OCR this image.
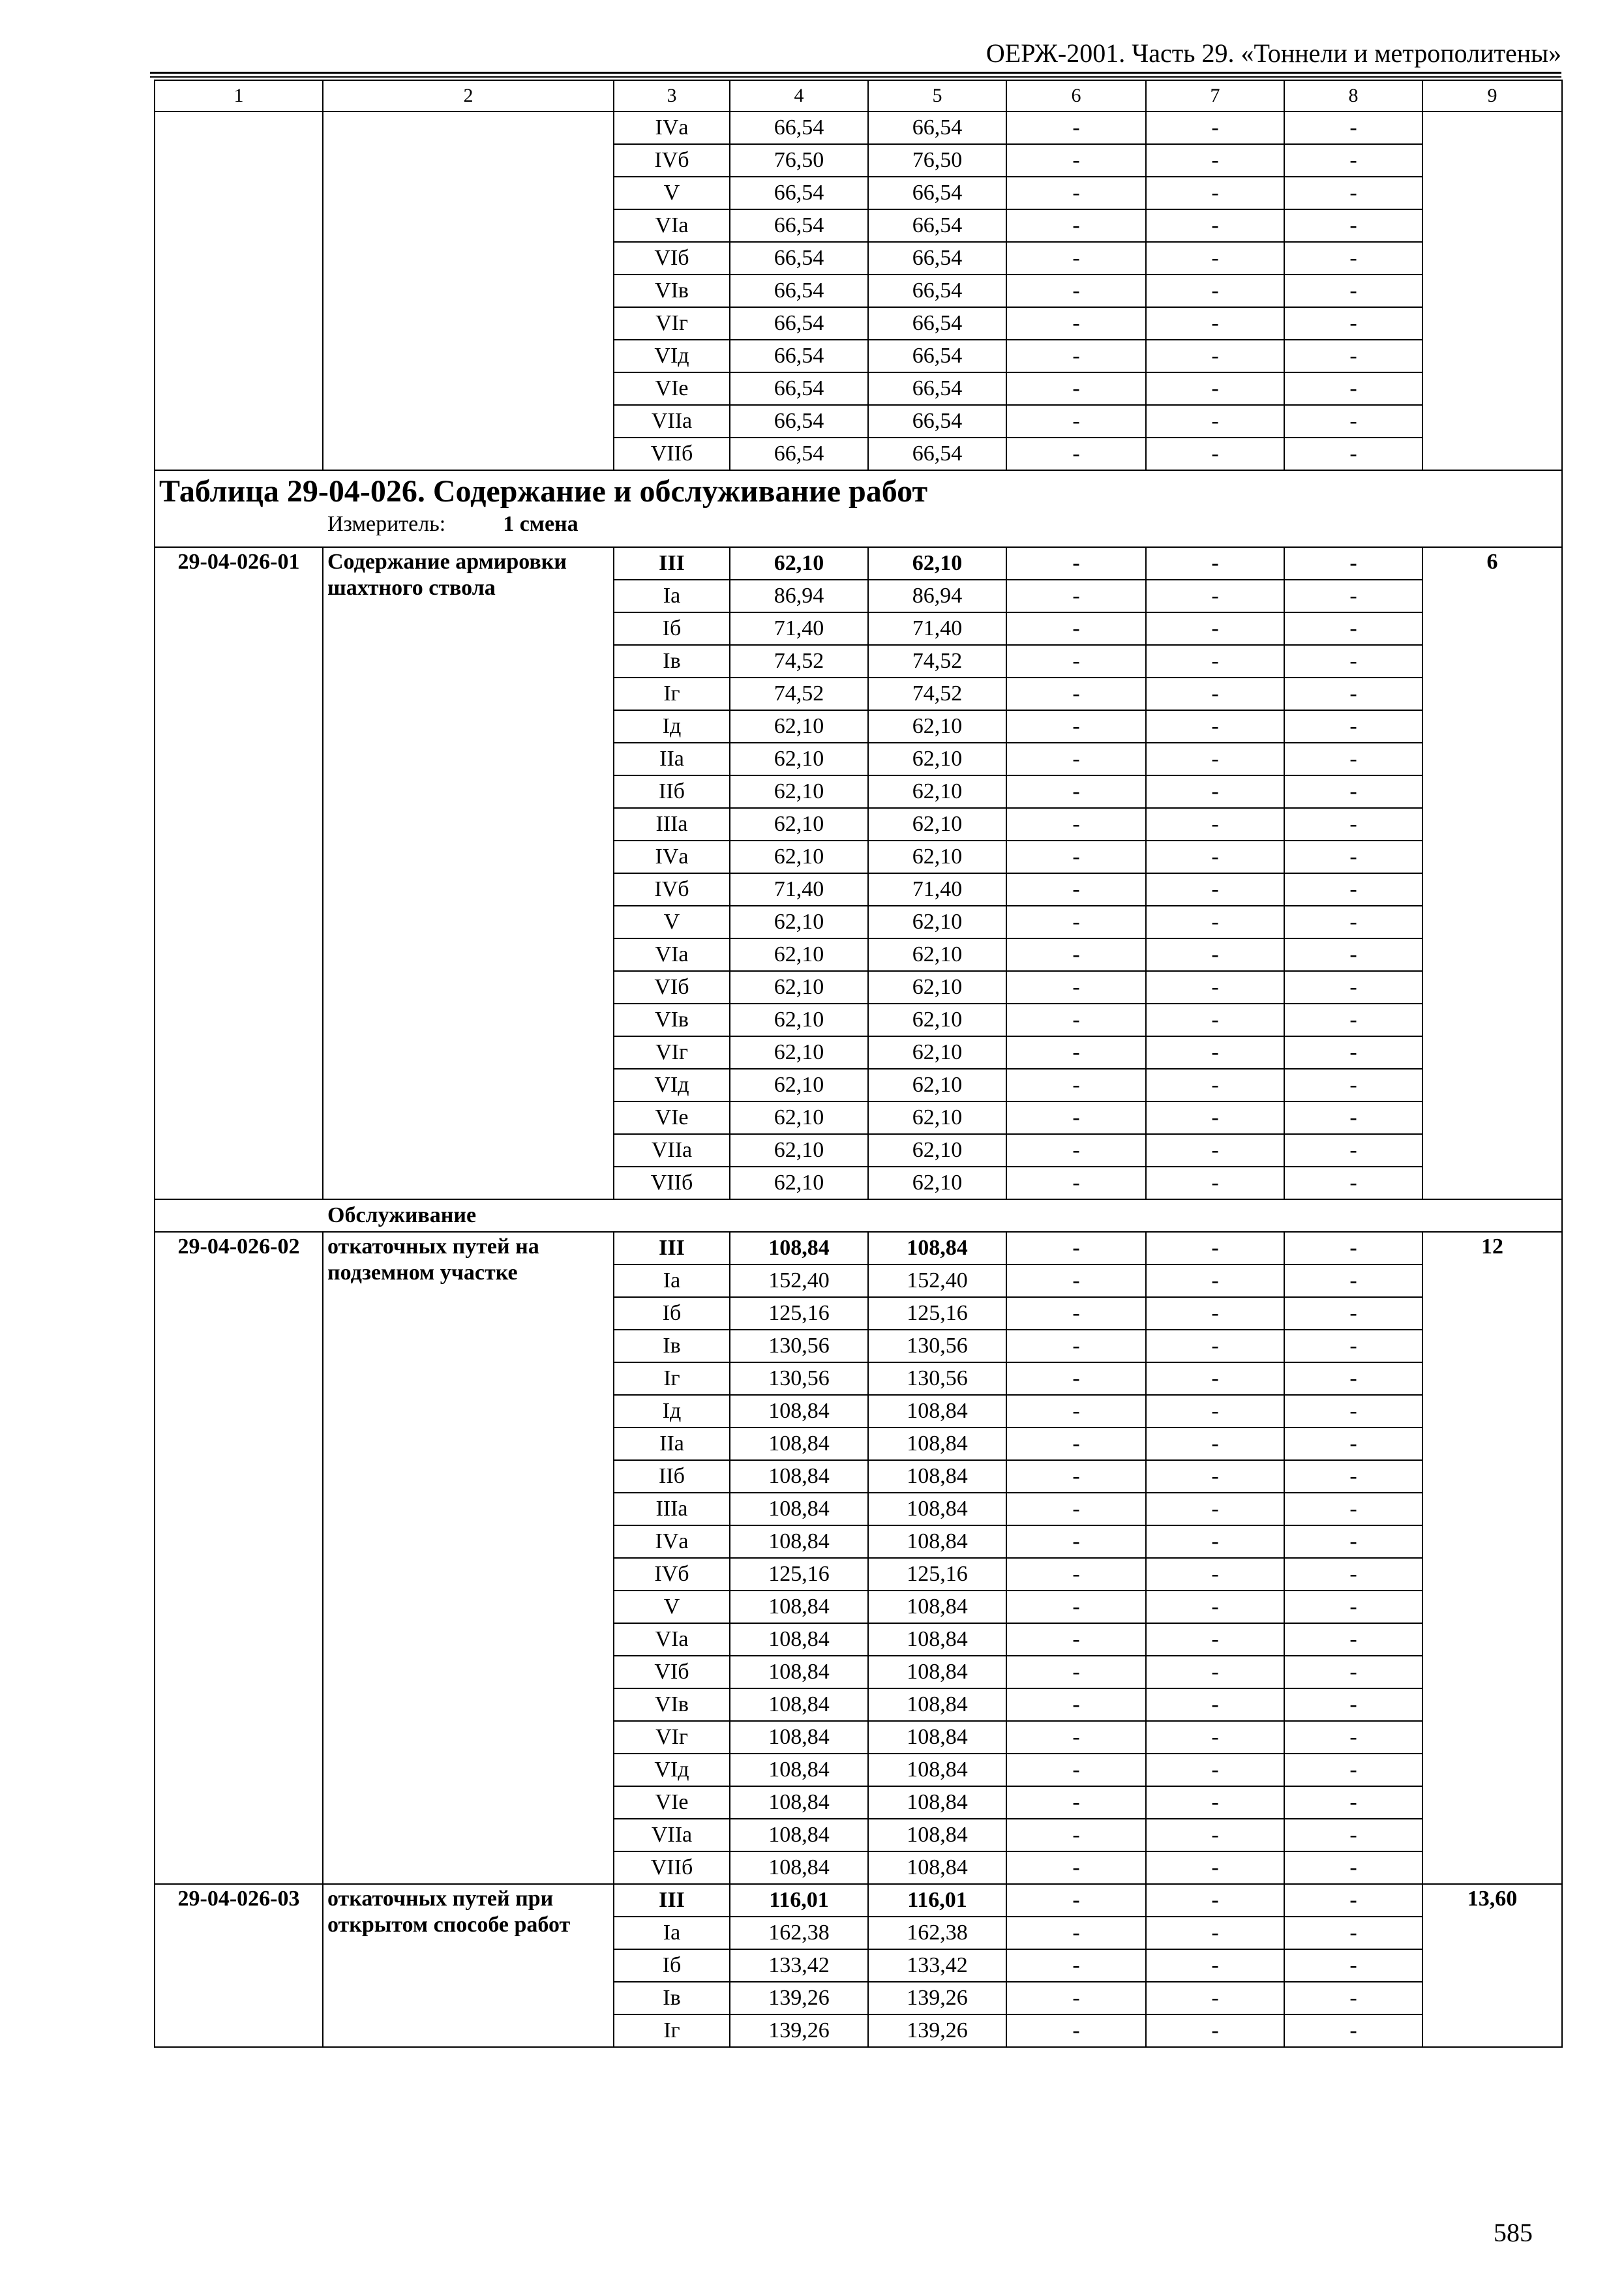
ОЕРЖ-2001. Часть 29. «Тоннели и метрополитены»
1	2	3	4	5	6	7	8	9
		IVа	66,54	66,54	-	-	-	
		IVб	76,50	76,50	-	-	-	
		V	66,54	66,54	-	-	-	
		VIа	66,54	66,54	-	-	-	
		VIб	66,54	66,54	-	-	-	
		VIв	66,54	66,54	-	-	-	
		VIг	66,54	66,54	-	-	-	
		VIд	66,54	66,54	-	-	-	
		VIе	66,54	66,54	-	-	-	
		VIIа	66,54	66,54	-	-	-	
		VIIб	66,54	66,54	-	-	-	

Таблица 29-04-026. Содержание и обслуживание работ
Измеритель: 1 смена								

29-04-026-01	Содержание армировки шахтного ствола	III	62,10	62,10	-	-	-	6
		Iа	86,94	86,94	-	-	-	
		Iб	71,40	71,40	-	-	-	
		Iв	74,52	74,52	-	-	-	
		Iг	74,52	74,52	-	-	-	
		Iд	62,10	62,10	-	-	-	
		IIа	62,10	62,10	-	-	-	
		IIб	62,10	62,10	-	-	-	
		IIIа	62,10	62,10	-	-	-	
		IVа	62,10	62,10	-	-	-	
		IVб	71,40	71,40	-	-	-	
		V	62,10	62,10	-	-	-	
		VIа	62,10	62,10	-	-	-	
		VIб	62,10	62,10	-	-	-	
		VIв	62,10	62,10	-	-	-	
		VIг	62,10	62,10	-	-	-	
		VIд	62,10	62,10	-	-	-	
		VIе	62,10	62,10	-	-	-	
		VIIа	62,10	62,10	-	-	-	
		VIIб	62,10	62,10	-	-	-	
Обслуживание								
29-04-026-02	откаточных путей на подземном участке	III	108,84	108,84	-	-	-	12
		Iа	152,40	152,40	-	-	-	
		Iб	125,16	125,16	-	-	-	
		Iв	130,56	130,56	-	-	-	
		Iг	130,56	130,56	-	-	-	
		Iд	108,84	108,84	-	-	-	
		IIа	108,84	108,84	-	-	-	
		IIб	108,84	108,84	-	-	-	
		IIIа	108,84	108,84	-	-	-	
		IVа	108,84	108,84	-	-	-	
		IVб	125,16	125,16	-	-	-	
		V	108,84	108,84	-	-	-	
		VIа	108,84	108,84	-	-	-	
		VIб	108,84	108,84	-	-	-	
		VIв	108,84	108,84	-	-	-	
		VIг	108,84	108,84	-	-	-	
		VIд	108,84	108,84	-	-	-	
		VIе	108,84	108,84	-	-	-	
		VIIа	108,84	108,84	-	-	-	
		VIIб	108,84	108,84	-	-	-	
29-04-026-03	откаточных путей при открытом способе работ	III	116,01	116,01	-	-	-	13,60
		Iа	162,38	162,38	-	-	-	
		Iб	133,42	133,42	-	-	-	
		Iв	139,26	139,26	-	-	-	
		Iг	139,26	139,26	-	-	-	
585
